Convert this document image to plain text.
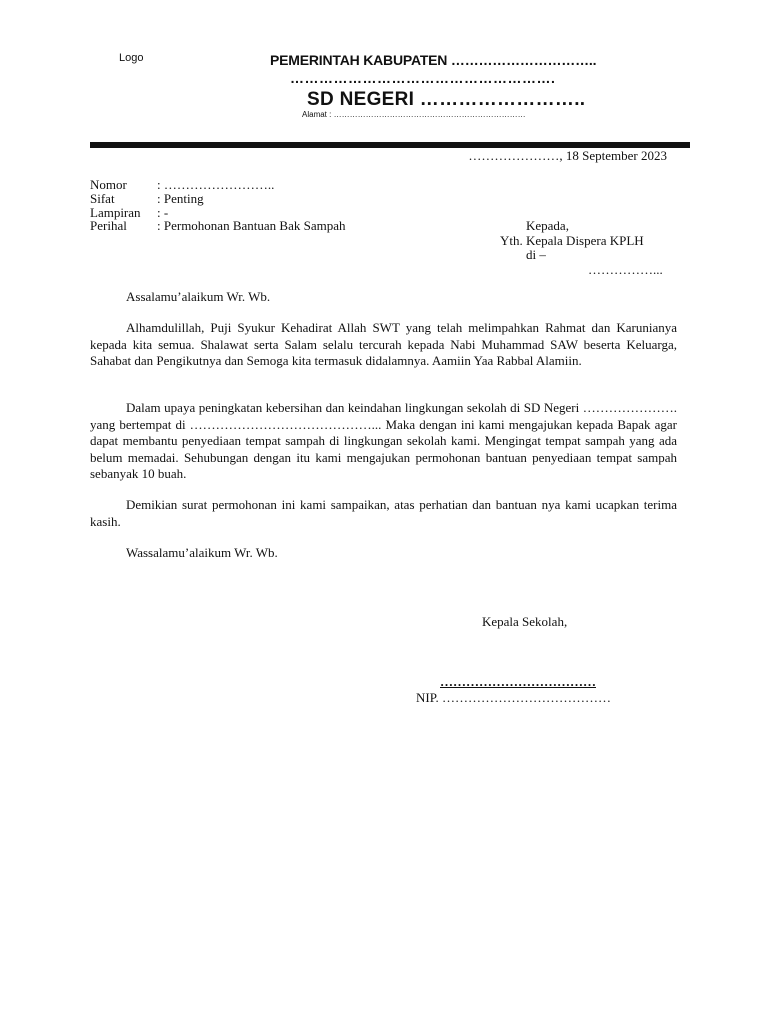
Logo	PEMERINTAH KABUPATEN …………………………..
……………………………………………….
SD NEGERI ……………………..
Alamat : ………………………………………………………………
…………………, 18 September 2023
Nomor : ……………………..
Sifat	: Penting
Lampiran : -
Perihal : Permohonan Bantuan Bak Sampah	Kepada,
Yth. Kepala Dispera KPLH
di –
……………...
Assalamu’alaikum Wr. Wb.

Alhamdulillah, Puji Syukur Kehadirat Allah SWT yang telah melimpahkan Rahmat dan Karunianya kepada kita semua. Shalawat serta Salam selalu tercurah kepada Nabi Muhammad SAW beserta Keluarga, Sahabat dan Pengikutnya dan Semoga kita termasuk didalamnya. Aamiin Yaa Rabbal Alamiin.

Dalam upaya peningkatan kebersihan dan keindahan lingkungan sekolah di SD Negeri …………………. yang bertempat di ……………………………………... Maka dengan ini kami mengajukan kepada Bapak agar dapat membantu penyediaan tempat sampah di lingkungan sekolah kami. Mengingat tempat sampah yang ada belum memadai. Sehubungan dengan itu kami mengajukan permohonan bantuan penyediaan tempat sampah sebanyak 10 buah.

Demikian surat permohonan ini kami sampaikan, atas perhatian dan bantuan nya kami ucapkan terima kasih.

Wassalamu’alaikum Wr. Wb.
Kepala Sekolah,
………………………………
NIP. …………………………………
